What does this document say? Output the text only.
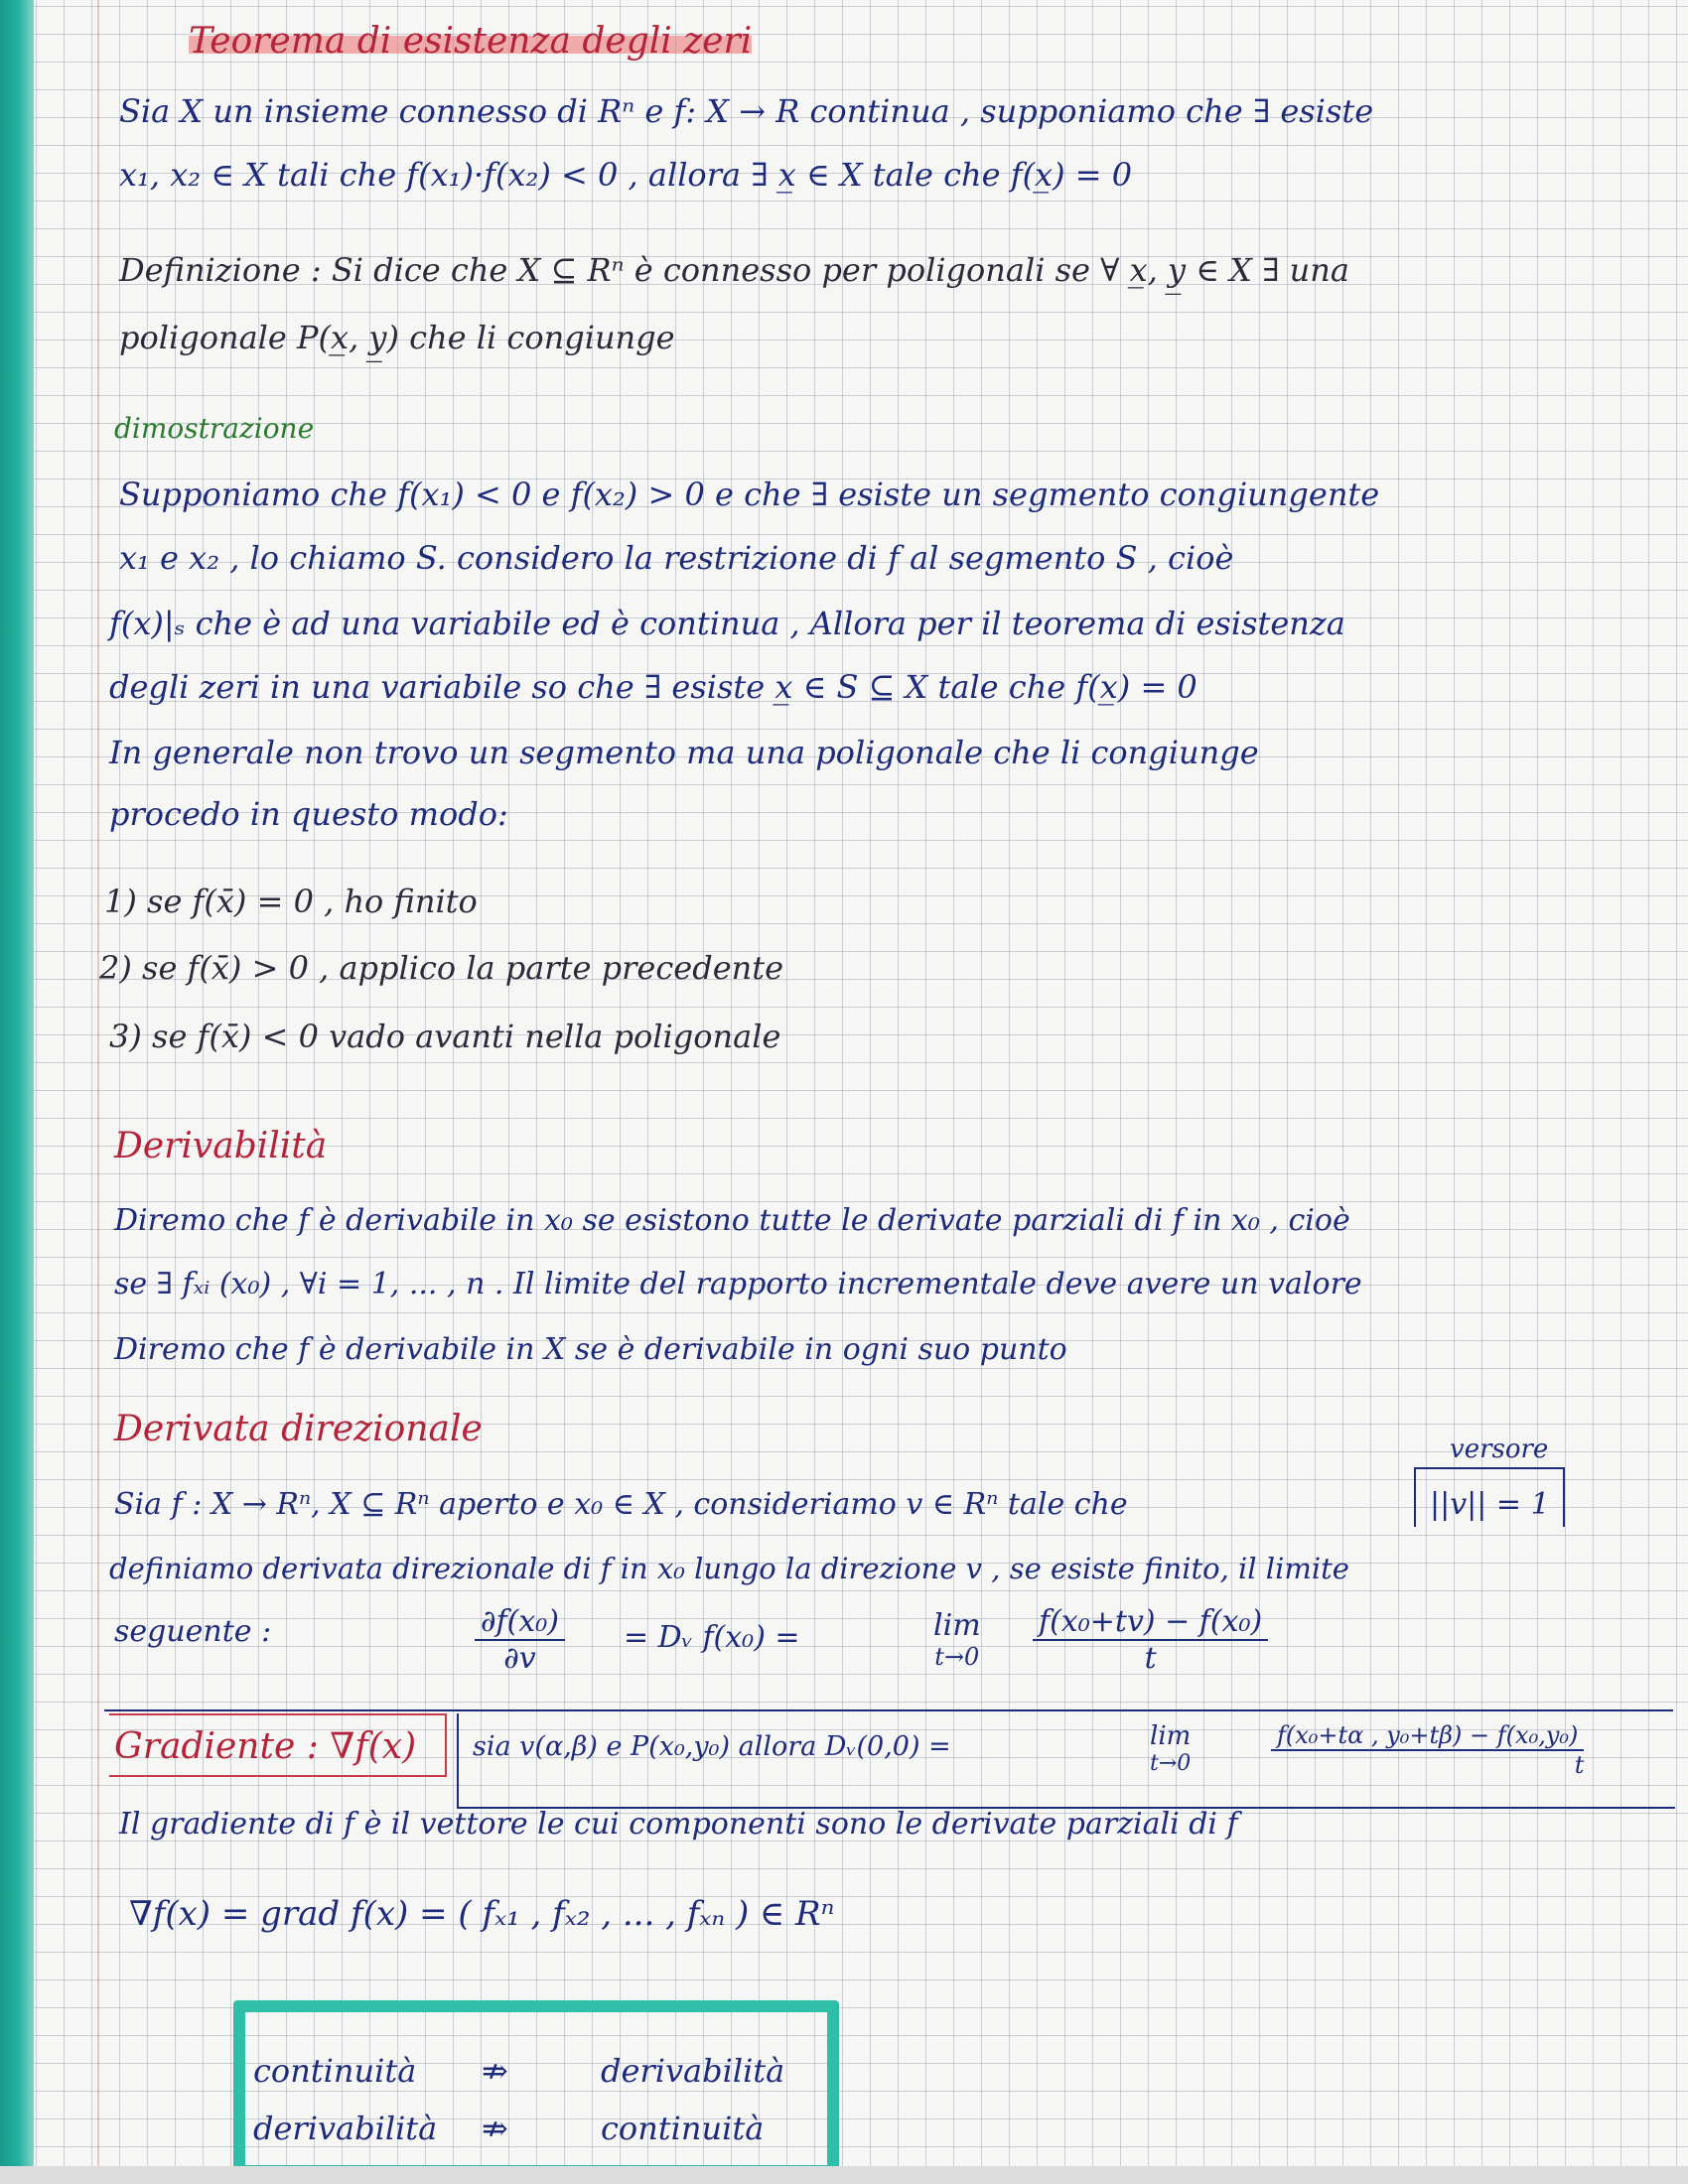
Teorema di esistenza degli zeri
Sia X un insieme connesso di Rⁿ e f: X → R continua , supponiamo che ∃ esiste
x₁, x₂ ∈ X tali che f(x₁)·f(x₂) < 0 , allora ∃ x̲ ∈ X tale che f(x̲) = 0
Definizione : Si dice che X ⊆ Rⁿ è connesso per poligonali se ∀ x̲, y̲ ∈ X ∃ una
poligonale P(x̲, y̲) che li congiunge
dimostrazione
Supponiamo che f(x₁) < 0 e f(x₂) > 0 e che ∃ esiste un segmento congiungente
x₁ e x₂ , lo chiamo S. considero la restrizione di f al segmento S , cioè
f(x)|ₛ che è ad una variabile ed è continua , Allora per il teorema di esistenza
degli zeri in una variabile so che ∃ esiste x̲ ∈ S ⊆ X tale che f(x̲) = 0
In generale non trovo un segmento ma una poligonale che li congiunge
procedo in questo modo:
1) se f(x̄) = 0 , ho finito
2) se f(x̄) > 0 , applico la parte precedente
3) se f(x̄) < 0 vado avanti nella poligonale
Derivabilità
Diremo che f è derivabile in x₀ se esistono tutte le derivate parziali di f in x₀ , cioè
se ∃ fₓᵢ (x₀) , ∀i = 1, ... , n . Il limite del rapporto incrementale deve avere un valore
Diremo che f è derivabile in X se è derivabile in ogni suo punto
Derivata direzionale	versore
||v|| = 1
Sia f : X → Rⁿ, X ⊆ Rⁿ aperto e x₀ ∈ X , consideriamo v ∈ Rⁿ tale che
definiamo derivata direzionale di f in x₀ lungo la direzione v , se esiste finito, il limite
seguente :	$\frac{\text{∂f(x₀)}}{\partial v}$ = Dᵥ f(x₀) =	lim
$t\to 0 \frac{\text{f(x₀+tv) − f(x₀)}}{t}$
Gradiente : ∇f(x) sia v(α,β) e P(x₀,y₀) allora Dᵥ(0,0) =	lim
t→0	$\frac{\text{f(x₀+tα , y₀+tβ) − f(x₀,y₀)}}{t}$
Il gradiente di f è il vettore le cui componenti sono le derivate parziali di f
∇f(x) = grad f(x) = ( fₓ₁ , fₓ₂ , ... , fₓₙ ) ∈ Rⁿ
continuità ⇏	derivabilità
derivabilità ⇏	continuità
